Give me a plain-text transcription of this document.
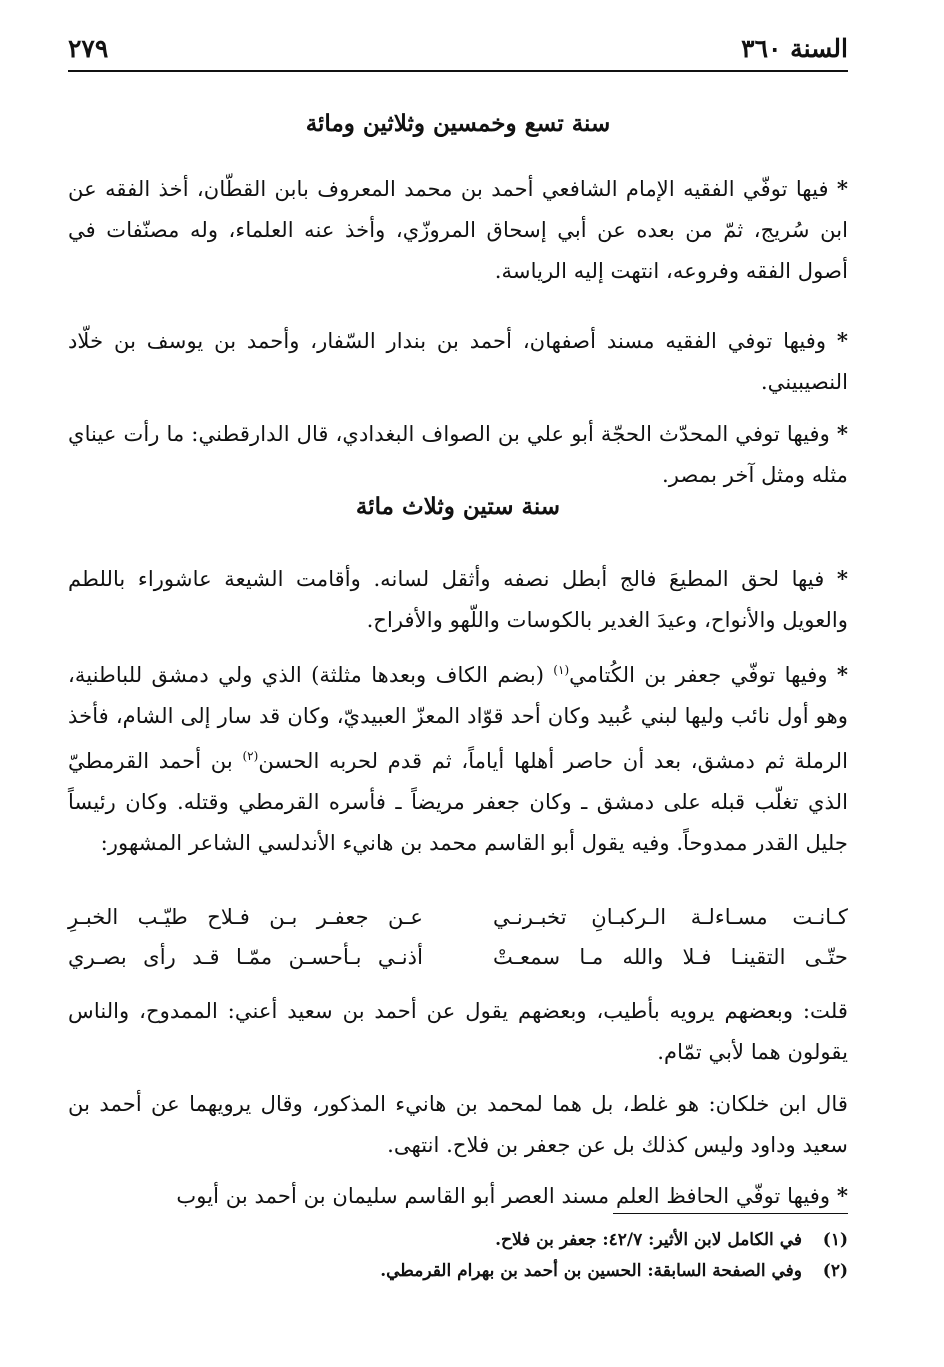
السنة ٣٦٠
٢٧٩
سنة تسع وخمسين وثلاثين ومائة
* فيها توفّي الفقيه الإمام الشافعي أحمد بن محمد المعروف بابن القطّان، أخذ الفقه عن ابن سُريج، ثمّ من بعده عن أبي إسحاق المروزّي، وأخذ عنه العلماء، وله مصنّفات في أصول الفقه وفروعه، انتهت إليه الرياسة.
* وفيها توفي الفقيه مسند أصفهان، أحمد بن بندار السّفار، وأحمد بن يوسف بن خلّاد النصيبيني.
* وفيها توفي المحدّث الحجّة أبو علي بن الصواف البغدادي، قال الدارقطني: ما رأت عيناي مثله ومثل آخر بمصر.
سنة ستين وثلاث مائة
* فيها لحق المطيعَ فالج أبطل نصفه وأثقل لسانه. وأقامت الشيعة عاشوراء باللطم والعويل والأنواح، وعيدَ الغدير بالكوسات واللّهو والأفراح.
* وفيها توفّي جعفر بن الكُتامي$^{(١)}$ (بضم الكاف وبعدها مثلثة) الذي ولي دمشق للباطنية، وهو أول نائب وليها لبني عُبيد وكان أحد قوّاد المعزّ العبيديّ، وكان قد سار إلى الشام، فأخذ الرملة ثم دمشق، بعد أن حاصر أهلها أياماً، ثم قدم لحربه الحسن$^{(٢)}$ بن أحمد القرمطيّ الذي تغلّب قبله على دمشق ـ وكان جعفر مريضاً ـ فأسره القرمطي وقتله. وكان رئيساً جليل القدر ممدوحاً. وفيه يقول أبو القاسم محمد بن هانيء الأندلسي الشاعر المشهور:
كـانـت مسـاءلـة الـركبـانِ تخبـرنـي
عـن جعفـر بـن فـلاح طيّـب الخبـرِ
حتّـى التقينـا فـلا والله مـا سمعـتْ
أذنـي بـأحسـن ممّـا قـد رأى بصـري
قلت: وبعضهم يرويه بأطيب، وبعضهم يقول عن أحمد بن سعيد أعني: الممدوح، والناس يقولون هما لأبي تمّام.
قال ابن خلكان: هو غلط، بل هما لمحمد بن هانيء المذكور، وقال يرويهما عن أحمد بن سعيد وداود وليس كذلك بل عن جعفر بن فلاح. انتهى.
* وفيها توفّي الحافظ العلم مسند العصر أبو القاسم سليمان بن أحمد بن أيوب
(١)في الكامل لابن الأثير: ٤٢/٧: جعفر بن فلاح.
(٢)وفي الصفحة السابقة: الحسين بن أحمد بن بهرام القرمطي.
